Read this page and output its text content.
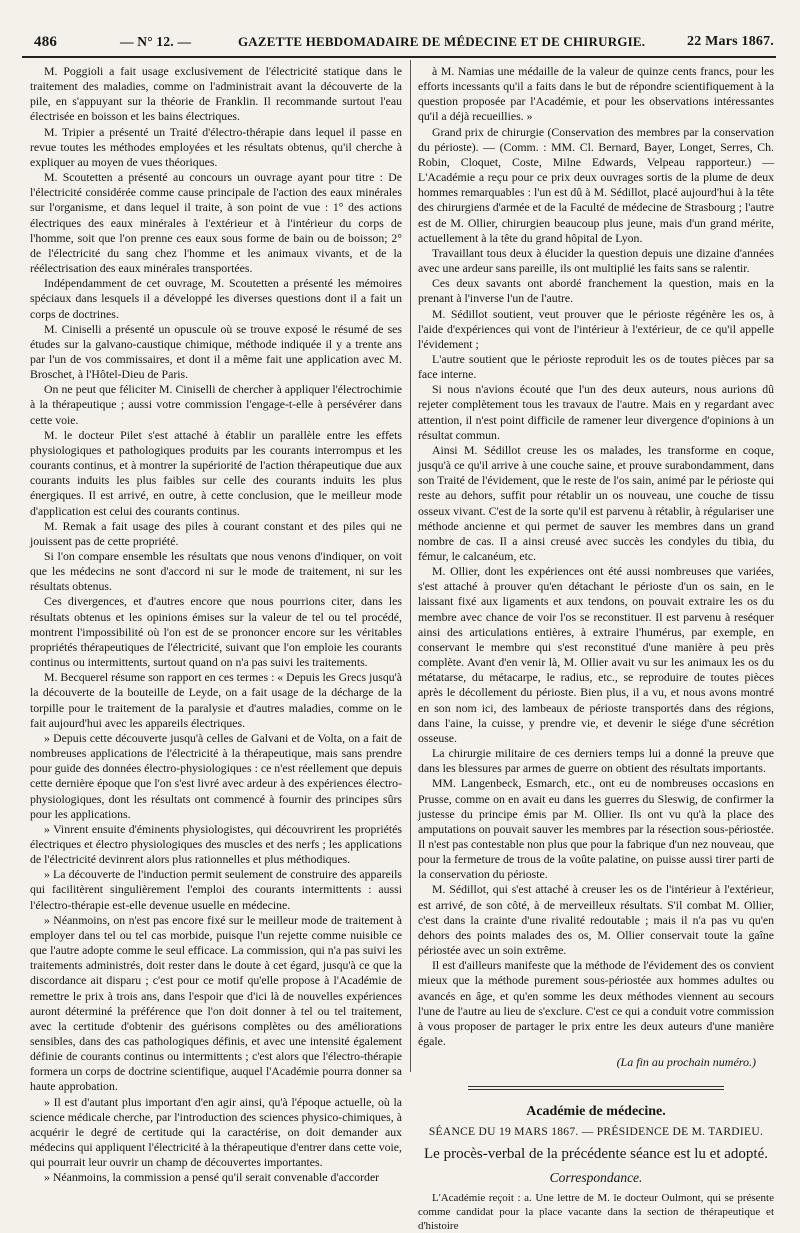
486	— N° 12. —	GAZETTE HEBDOMADAIRE DE MÉDECINE ET DE CHIRURGIE.	22 Mars 1867.

M. Poggioli a fait usage exclusivement de l'électricité statique dans le traitement des maladies, comme on l'administrait avant la découverte de la pile, en s'appuyant sur la théorie de Franklin. Il recommande surtout l'eau électrisée en boisson et les bains électriques.

M. Tripier a présenté un Traité d'électro-thérapie dans lequel il passe en revue toutes les méthodes employées et les résultats obtenus, qu'il cherche à expliquer au moyen de vues théoriques.

M. Scoutetten a présenté au concours un ouvrage ayant pour titre : De l'électricité considérée comme cause principale de l'action des eaux minérales sur l'organisme, et dans lequel il traite, à son point de vue : 1° des actions électriques des eaux minérales à l'extérieur et à l'intérieur du corps de l'homme, soit que l'on prenne ces eaux sous forme de bain ou de boisson; 2° de l'électricité du sang chez l'homme et les animaux vivants, et de la réélectrisation des eaux minérales transportées.

Indépendamment de cet ouvrage, M. Scoutetten a présenté les mémoires spéciaux dans lesquels il a développé les diverses questions dont il a fait un corps de doctrines.

M. Ciniselli a présenté un opuscule où se trouve exposé le résumé de ses études sur la galvano-caustique chimique, méthode indiquée il y a trente ans par l'un de vos commissaires, et dont il a même fait une application avec M. Broschet, à l'Hôtel-Dieu de Paris.

On ne peut que féliciter M. Ciniselli de chercher à appliquer l'électrochimie à la thérapeutique ; aussi votre commission l'engage-t-elle à persévérer dans cette voie.

M. le docteur Pilet s'est attaché à établir un parallèle entre les effets physiologiques et pathologiques produits par les courants interrompus et les courants continus, et à montrer la supériorité de l'action thérapeutique due aux courants induits les plus faibles sur celle des courants induits les plus énergiques. Il est arrivé, en outre, à cette conclusion, que le meilleur mode d'application est celui des courants continus.

M. Remak a fait usage des piles à courant constant et des piles qui ne jouissent pas de cette propriété.

Si l'on compare ensemble les résultats que nous venons d'indiquer, on voit que les médecins ne sont d'accord ni sur le mode de traitement, ni sur les résultats obtenus.

Ces divergences, et d'autres encore que nous pourrions citer, dans les résultats obtenus et les opinions émises sur la valeur de tel ou tel procédé, montrent l'impossibilité où l'on est de se prononcer encore sur les véritables propriétés thérapeutiques de l'électricité, suivant que l'on emploie les courants continus ou intermittents, surtout quand on n'a pas suivi les traitements.

M. Becquerel résume son rapport en ces termes : « Depuis les Grecs jusqu'à la découverte de la bouteille de Leyde, on a fait usage de la décharge de la torpille pour le traitement de la paralysie et d'autres maladies, comme on le fait aujourd'hui avec les appareils électriques.

» Depuis cette découverte jusqu'à celles de Galvani et de Volta, on a fait de nombreuses applications de l'électricité à la thérapeutique, mais sans prendre pour guide des données électro-physiologiques : ce n'est réellement que depuis cette dernière époque que l'on s'est livré avec ardeur à des expériences électro-physiologiques, dont les résultats ont commencé à fournir des principes sûrs pour les applications.

» Vinrent ensuite d'éminents physiologistes, qui découvrirent les propriétés électriques et électro physiologiques des muscles et des nerfs ; les applications de l'électricité devinrent alors plus rationnelles et plus méthodiques.

» La découverte de l'induction permit seulement de construire des appareils qui facilitèrent singulièrement l'emploi des courants intermittents : aussi l'électro-thérapie est-elle devenue usuelle en médecine.

» Néanmoins, on n'est pas encore fixé sur le meilleur mode de traitement à employer dans tel ou tel cas morbide, puisque l'un rejette comme nuisible ce que l'autre adopte comme le seul efficace. La commission, qui n'a pas suivi les traitements administrés, doit rester dans le doute à cet égard, jusqu'à ce que la discordance ait disparu ; c'est pour ce motif qu'elle propose à l'Académie de remettre le prix à trois ans, dans l'espoir que d'ici là de nouvelles expériences auront déterminé la préférence que l'on doit donner à tel ou tel traitement, avec la certitude d'obtenir des guérisons complètes ou des améliorations sensibles, dans des cas pathologiques définis, et avec une intensité également définie de courants continus ou intermittents ; c'est alors que l'électro-thérapie formera un corps de doctrine scientifique, auquel l'Académie pourra donner sa haute approbation.

» Il est d'autant plus important d'en agir ainsi, qu'à l'époque actuelle, où la science médicale cherche, par l'introduction des sciences physico-chimiques, à acquérir le degré de certitude qui la caractérise, on doit demander aux médecins qui appliquent l'électricité à la thérapeutique d'entrer dans cette voie, qui pourrait leur ouvrir un champ de découvertes importantes.

» Néanmoins, la commission a pensé qu'il serait convenable d'accorder

à M. Namias une médaille de la valeur de quinze cents francs, pour les efforts incessants qu'il a faits dans le but de répondre scientifiquement à la question proposée par l'Académie, et pour les observations intéressantes qu'il a déjà recueillies. »

Grand prix de chirurgie (Conservation des membres par la conservation du périoste). — (Comm. : MM. Cl. Bernard, Bayer, Longet, Serres, Ch. Robin, Cloquet, Coste, Milne Edwards, Velpeau rapporteur.) — L'Académie a reçu pour ce prix deux ouvrages sortis de la plume de deux hommes remarquables : l'un est dû à M. Sédillot, placé aujourd'hui à la tête des chirurgiens d'armée et de la Faculté de médecine de Strasbourg ; l'autre est de M. Ollier, chirurgien beaucoup plus jeune, mais d'un grand mérite, actuellement à la tête du grand hôpital de Lyon.

Travaillant tous deux à élucider la question depuis une dizaine d'années avec une ardeur sans pareille, ils ont multiplié les faits sans se ralentir.

Ces deux savants ont abordé franchement la question, mais en la prenant à l'inverse l'un de l'autre.

M. Sédillot soutient, veut prouver que le périoste régénère les os, à l'aide d'expériences qui vont de l'intérieur à l'extérieur, de ce qu'il appelle l'évidement ;

L'autre soutient que le périoste reproduit les os de toutes pièces par sa face interne.

Si nous n'avions écouté que l'un des deux auteurs, nous aurions dû rejeter complètement tous les travaux de l'autre. Mais en y regardant avec attention, il n'est point difficile de ramener leur divergence d'opinions à un résultat commun.

Ainsi M. Sédillot creuse les os malades, les transforme en coque, jusqu'à ce qu'il arrive à une couche saine, et prouve surabondamment, dans son Traité de l'évidement, que le reste de l'os sain, animé par le périoste qui reste au dehors, suffit pour rétablir un os nouveau, une couche de tissu osseux vivant. C'est de la sorte qu'il est parvenu à rétablir, à régulariser une méthode ancienne et qui permet de sauver les membres dans un grand nombre de cas. Il a ainsi creusé avec succès les condyles du tibia, du fémur, le calcanéum, etc.

M. Ollier, dont les expériences ont été aussi nombreuses que variées, s'est attaché à prouver qu'en détachant le périoste d'un os sain, en le laissant fixé aux ligaments et aux tendons, on pouvait extraire les os du membre avec chance de voir l'os se reconstituer. Il est parvenu à reséquer ainsi des articulations entières, à extraire l'humérus, par exemple, en conservant le membre qui s'est reconstitué d'une manière à peu près complète. Avant d'en venir là, M. Ollier avait vu sur les animaux les os du métatarse, du métacarpe, le radius, etc., se reproduire de toutes pièces après le décollement du périoste. Bien plus, il a vu, et nous avons montré en son nom ici, des lambeaux de périoste transportés dans des régions, dans l'aine, la cuisse, y prendre vie, et devenir le siége d'une sécrétion osseuse.

La chirurgie militaire de ces derniers temps lui a donné la preuve que dans les blessures par armes de guerre on obtient des résultats importants.

MM. Langenbeck, Esmarch, etc., ont eu de nombreuses occasions en Prusse, comme on en avait eu dans les guerres du Sleswig, de confirmer la justesse du principe émis par M. Ollier. Ils ont vu qu'à la place des amputations on pouvait sauver les membres par la résection sous-périostée. Il n'est pas contestable non plus que pour la fabrique d'un nez nouveau, que pour la fermeture de trous de la voûte palatine, on puisse aussi tirer parti de la conservation du périoste.

M. Sédillot, qui s'est attaché à creuser les os de l'intérieur à l'extérieur, est arrivé, de son côté, à de merveilleux résultats. S'il combat M. Ollier, c'est dans la crainte d'une rivalité redoutable ; mais il n'a pas vu qu'en dehors des points malades des os, M. Ollier conservait toute la gaîne périostée avec un soin extrême.

Il est d'ailleurs manifeste que la méthode de l'évidement des os convient mieux que la méthode purement sous-périostée aux hommes adultes ou avancés en âge, et qu'en somme les deux méthodes viennent au secours l'une de l'autre au lieu de s'exclure. C'est ce qui a conduit votre commission à vous proposer de partager le prix entre les deux auteurs d'une manière égale.

(La fin au prochain numéro.)
Académie de médecine.
SÉANCE DU 19 MARS 1867. — PRÉSIDENCE DE M. TARDIEU.
Le procès-verbal de la précédente séance est lu et adopté.
Correspondance.

L'Académie reçoit : a. Une lettre de M. le docteur Oulmont, qui se présente comme candidat pour la place vacante dans la section de thérapeutique et d'histoire
